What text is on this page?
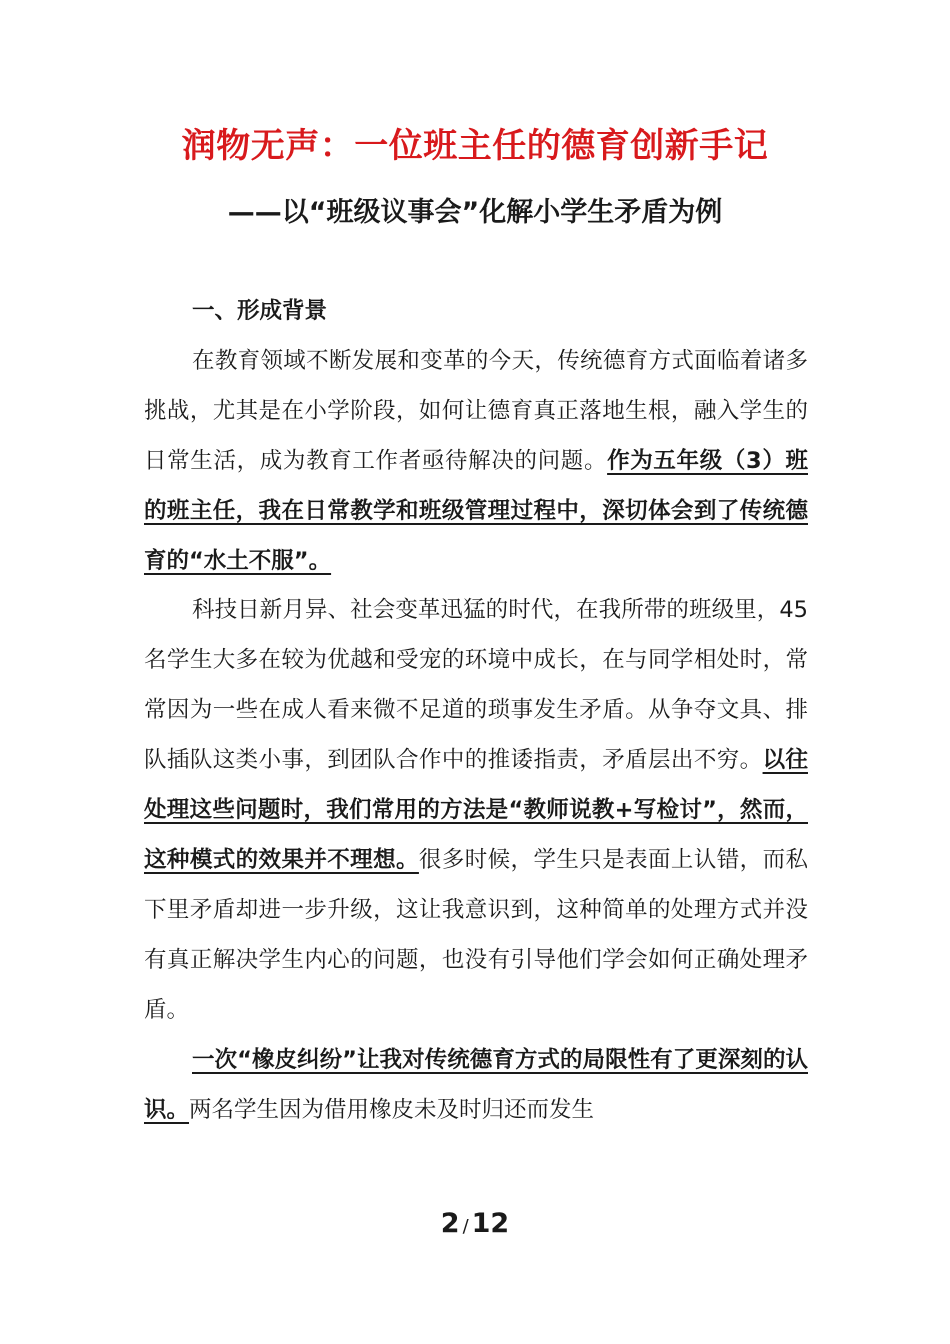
润物无声：一位班主任的德育创新手记
——以“班级议事会”化解小学生矛盾为例

一、形成背景

在教育领域不断发展和变革的今天，传统德育方式面临着诸多挑战，尤其是在小学阶段，如何让德育真正落地生根，融入学生的日常生活，成为教育工作者亟待解决的问题。作为五年级（3）班的班主任，我在日常教学和班级管理过程中，深切体会到了传统德育的“水土不服”。

科技日新月异、社会变革迅猛的时代，在我所带的班级里，45 名学生大多在较为优越和受宠的环境中成长，在与同学相处时，常常因为一些在成人看来微不足道的琐事发生矛盾。从争夺文具、排队插队这类小事，到团队合作中的推诿指责，矛盾层出不穷。以往处理这些问题时，我们常用的方法是“教师说教+写检讨”，然而，这种模式的效果并不理想。很多时候，学生只是表面上认错，而私下里矛盾却进一步升级，这让我意识到，这种简单的处理方式并没有真正解决学生内心的问题，也没有引导他们学会如何正确处理矛盾。

一次“橡皮纠纷”让我对传统德育方式的局限性有了更深刻的认识。两名学生因为借用橡皮未及时归还而发生

2 / 12
